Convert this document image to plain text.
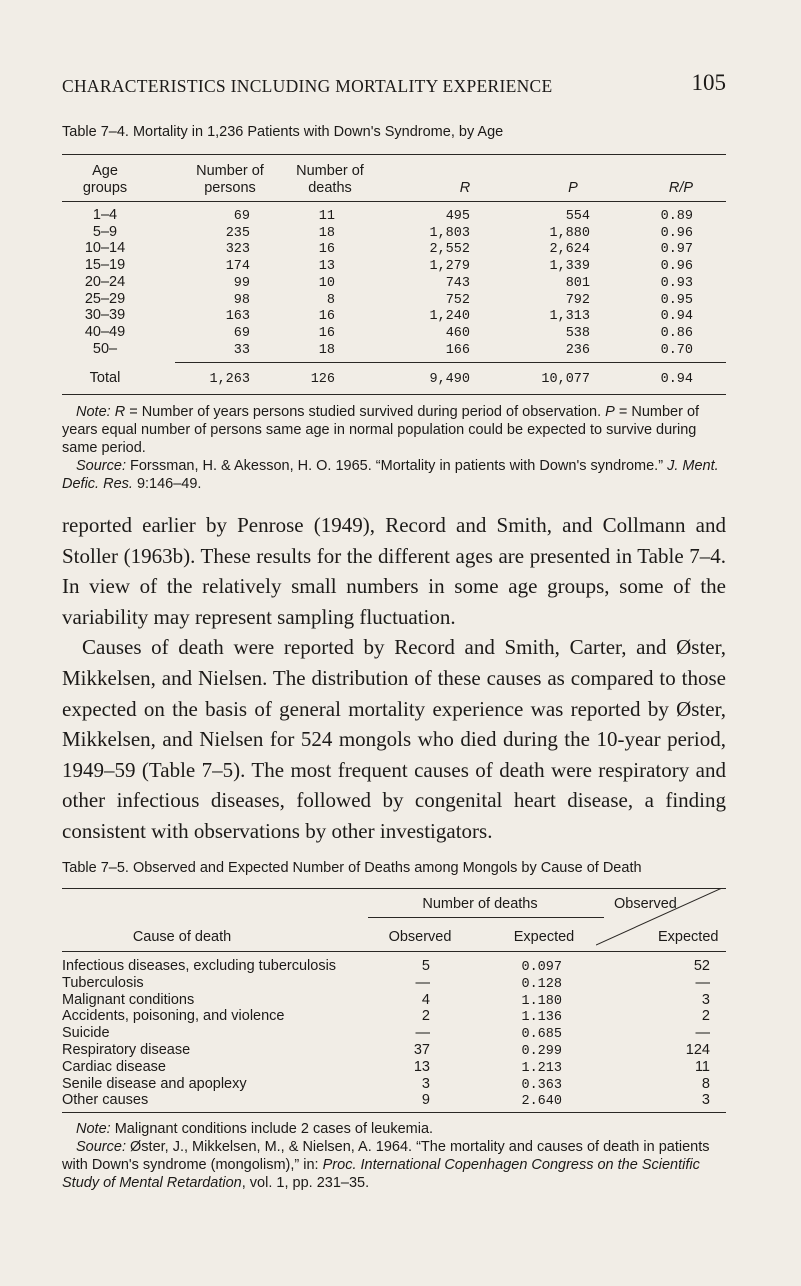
CHARACTERISTICS INCLUDING MORTALITY EXPERIENCE	105
Table 7–4. Mortality in 1,236 Patients with Down's Syndrome, by Age
Age
groups
Number of
persons
Number of
deaths	R	P	R/P
1–4	69	11	495	554	0.89
5–9	235	18	1,803	1,880	0.96
10–14	323	16	2,552	2,624	0.97
15–19	174	13	1,279	1,339	0.96
20–24	99	10	743	801	0.93
25–29	98	8	752	792	0.95
30–39	163	16	1,240	1,313	0.94
40–49	69	16	460	538	0.86
50–	33	18	166	236	0.70
Total	1,263	126	9,490	10,077	0.94

Note: R = Number of years persons studied survived during period of observation. P = Number of years equal number of persons same age in normal population could be expected to survive during same period.

Source: Forssman, H. & Akesson, H. O. 1965. “Mortality in patients with Down's syndrome.” J. Ment. Defic. Res. 9:146–49.

reported earlier by Penrose (1949), Record and Smith, and Collmann and Stoller (1963b). These results for the different ages are presented in Table 7–4. In view of the relatively small numbers in some age groups, some of the variability may represent sampling fluctuation.

Causes of death were reported by Record and Smith, Carter, and Øster, Mikkelsen, and Nielsen. The distribution of these causes as compared to those expected on the basis of general mortality experience was reported by Øster, Mikkelsen, and Nielsen for 524 mongols who died during the 10-year period, 1949–59 (Table 7–5). The most frequent causes of death were respiratory and other infectious diseases, followed by congenital heart disease, a finding consistent with observations by other investigators.

Table 7–5. Observed and Expected Number of Deaths among Mongols by Cause of Death
Number of deaths
Cause of death	Observed	Expected
Observed
Expected
Infectious diseases, excluding tuberculosis	5	0.097	52
Tuberculosis	—	0.128	—
Malignant conditions	4	1.180	3
Accidents, poisoning, and violence	2	1.136	2
Suicide	—	0.685	—
Respiratory disease	37	0.299	124
Cardiac disease	13	1.213	11
Senile disease and apoplexy	3	0.363	8
Other causes	9	2.640	3

Note: Malignant conditions include 2 cases of leukemia.

Source: Øster, J., Mikkelsen, M., & Nielsen, A. 1964. “The mortality and causes of death in patients with Down's syndrome (mongolism),” in: Proc. International Copenhagen Congress on the Scientific Study of Mental Retardation, vol. 1, pp. 231–35.
